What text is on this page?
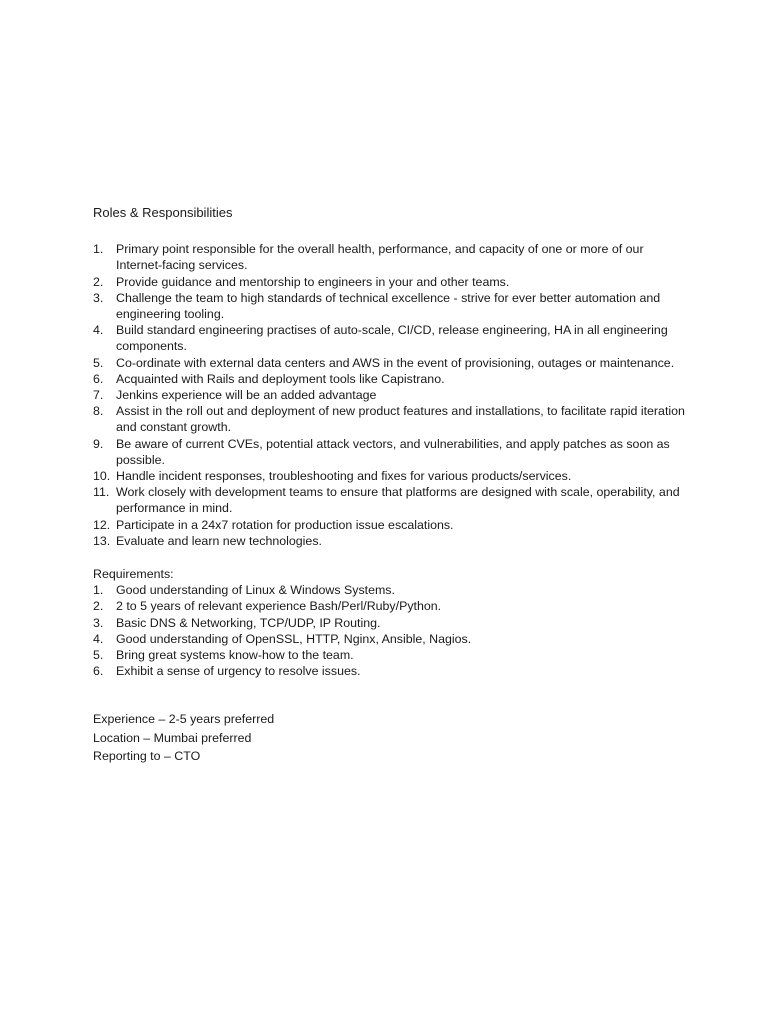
Roles & Responsibilities
1. Primary point responsible for the overall health, performance, and capacity of one or more of our Internet-facing services.
2. Provide guidance and mentorship to engineers in your and other teams.
3. Challenge the team to high standards of technical excellence - strive for ever better automation and engineering tooling.
4. Build standard engineering practises of auto-scale, CI/CD, release engineering, HA in all engineering components.
5. Co-ordinate with external data centers and AWS in the event of provisioning, outages or maintenance.
6. Acquainted with Rails and deployment tools like Capistrano.
7. Jenkins experience will be an added advantage
8. Assist in the roll out and deployment of new product features and installations, to facilitate rapid iteration and constant growth.
9. Be aware of current CVEs, potential attack vectors, and vulnerabilities, and apply patches as soon as possible.
10. Handle incident responses, troubleshooting and fixes for various products/services.
11. Work closely with development teams to ensure that platforms are designed with scale, operability, and performance in mind.
12. Participate in a 24x7 rotation for production issue escalations.
13. Evaluate and learn new technologies.
Requirements:
1. Good understanding of Linux & Windows Systems.
2. 2 to 5 years of relevant experience Bash/Perl/Ruby/Python.
3. Basic DNS & Networking, TCP/UDP, IP Routing.
4. Good understanding of OpenSSL, HTTP, Nginx, Ansible, Nagios.
5. Bring great systems know-how to the team.
6. Exhibit a sense of urgency to resolve issues.
Experience – 2-5 years preferred
Location – Mumbai preferred
Reporting to – CTO
